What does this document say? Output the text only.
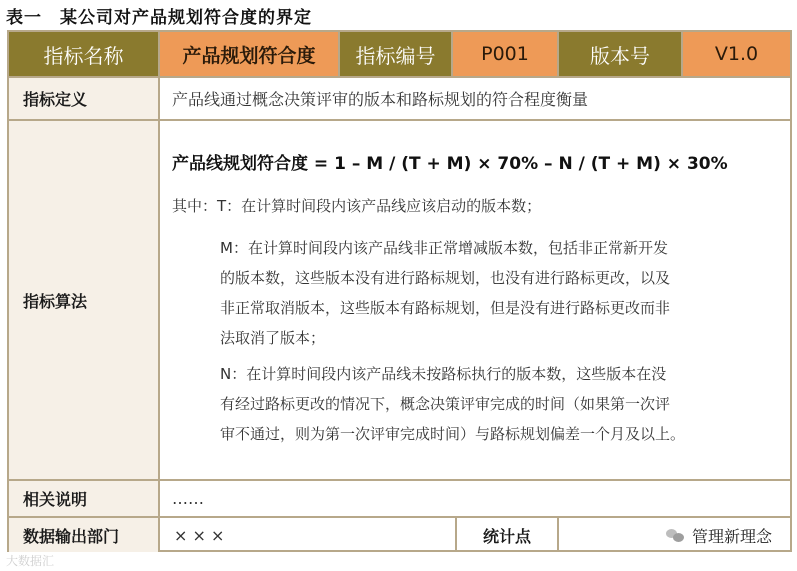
表一　某公司对产品规划符合度的界定
指标名称	产品规划符合度	指标编号	P001	版本号	V1.0
指标定义	产品线通过概念决策评审的版本和路标规划的符合程度衡量
指标算法
产品线规划符合度 = 1 – M / (T + M) × 70% – N / (T + M) × 30%
其中：T：在计算时间段内该产品线应该启动的版本数；
M：在计算时间段内该产品线非正常增减版本数，包括非正常新开发
的版本数，这些版本没有进行路标规划，也没有进行路标更改，以及
非正常取消版本，这些版本有路标规划，但是没有进行路标更改而非
法取消了版本；
N：在计算时间段内该产品线未按路标执行的版本数，这些版本在没
有经过路标更改的情况下，概念决策评审完成的时间（如果第一次评
审不通过，则为第一次评审完成时间）与路标规划偏差一个月及以上。
相关说明	……
数据输出部门	× × ×	统计点	管理新理念
大数据汇
